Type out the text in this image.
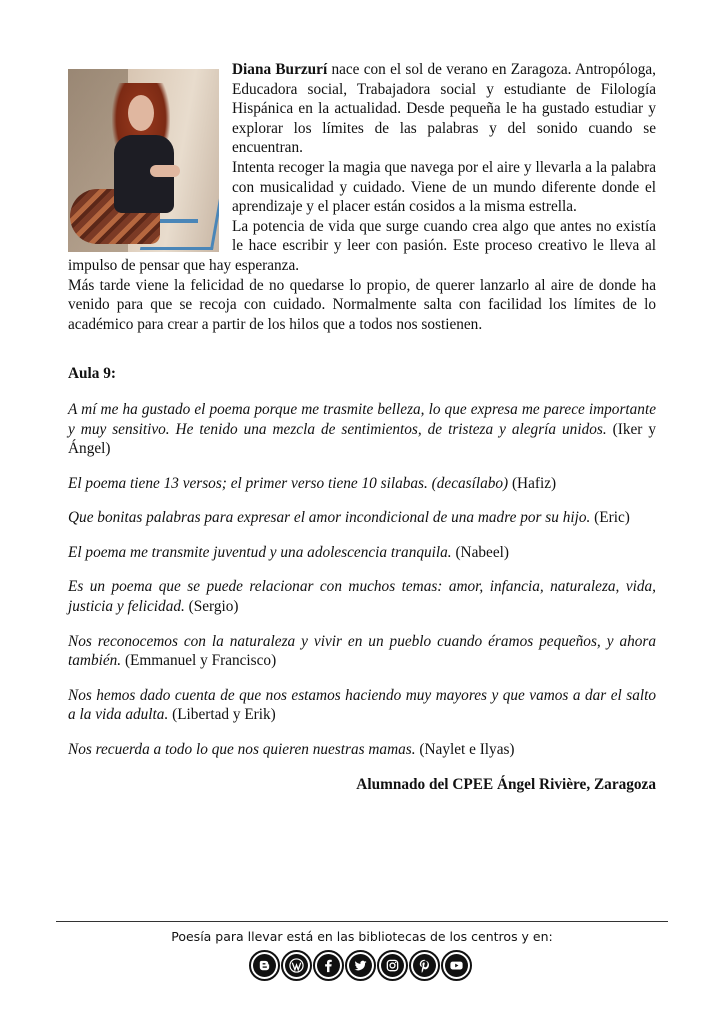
Diana Burzurí nace con el sol de verano en Zaragoza. Antropóloga, Educadora social, Trabajadora social y estudiante de Filología Hispánica en la actualidad. Desde pequeña le ha gustado estudiar y explorar los límites de las palabras y del sonido cuando se encuentran.

Intenta recoger la magia que navega por el aire y llevarla a la palabra con musicalidad y cuidado. Viene de un mundo diferente donde el aprendizaje y el placer están cosidos a la misma estrella.

La potencia de vida que surge cuando crea algo que antes no existía le hace escribir y leer con pasión. Este proceso creativo le lleva al impulso de pensar que hay esperanza.

Más tarde viene la felicidad de no quedarse lo propio, de querer lanzarlo al aire de donde ha venido para que se recoja con cuidado. Normalmente salta con facilidad los límites de lo académico para crear a partir de los hilos que a todos nos sostienen.

Aula 9:

A mí me ha gustado el poema porque me trasmite belleza, lo que expresa me parece importante y muy sensitivo. He tenido una mezcla de sentimientos, de tristeza y alegría unidos. (Iker y Ángel)

El poema tiene 13 versos; el primer verso tiene 10 silabas. (decasílabo) (Hafiz)

Que bonitas palabras para expresar el amor incondicional de una madre por su hijo. (Eric)

El poema me transmite juventud y una adolescencia tranquila. (Nabeel)

Es un poema que se puede relacionar con muchos temas: amor, infancia, naturaleza, vida, justicia y felicidad. (Sergio)

Nos reconocemos con la naturaleza y vivir en un pueblo cuando éramos pequeños, y ahora también. (Emmanuel y Francisco)

Nos hemos dado cuenta de que nos estamos haciendo muy mayores y que vamos a dar el salto a la vida adulta. (Libertad y Erik)

Nos recuerda a todo lo que nos quieren nuestras mamas. (Naylet e Ilyas)

Alumnado del CPEE Ángel Rivière, Zaragoza

Poesía para llevar está en las bibliotecas de los centros y en:
